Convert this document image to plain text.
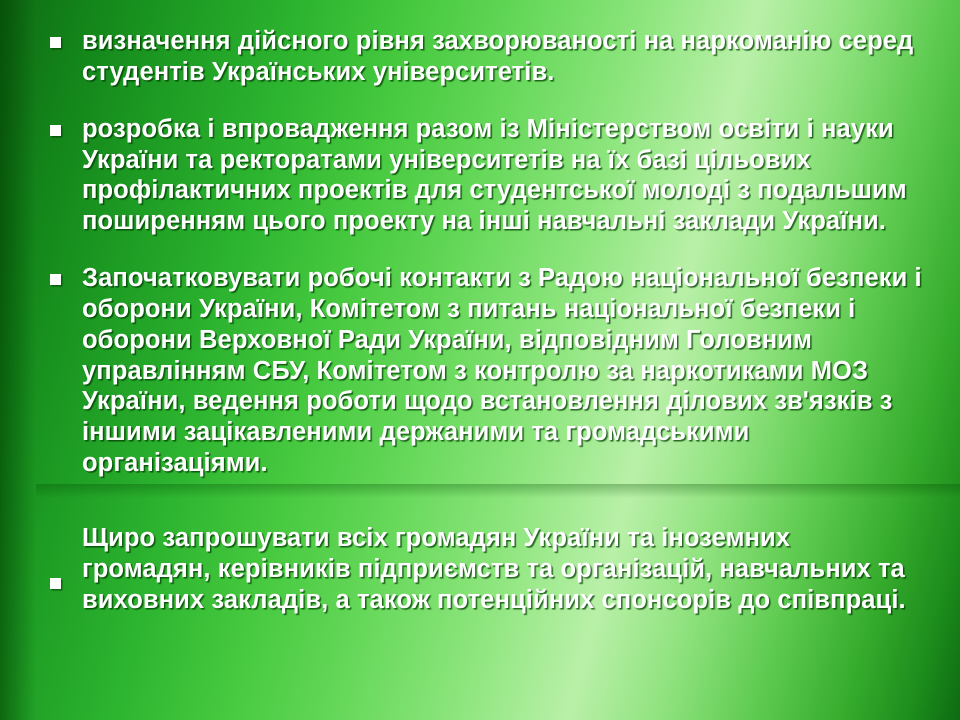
визначення дійсного рівня захворюваності на наркоманію серед студентів Українських університетів.
розробка і впровадження разом із Міністерством освіти і науки України та ректоратами університетів на їх базі цільових профілактичних проектів для студентської молоді з подальшим поширенням цього проекту на інші навчальні заклади України.
Започатковувати робочі контакти з Радою національної безпеки і оборони України, Комітетом з питань національної безпеки і оборони Верховної Ради України, відповідним Головним управлінням СБУ, Комітетом з контролю за наркотиками МОЗ України, ведення роботи щодо встановлення ділових зв'язків з іншими зацікавленими держаними та громадськими організаціями.
Щиро запрошувати всіх громадян України та іноземних громадян, керівників підприємств та організацій, навчальних та виховних закладів, а також потенційних спонсорів до співпраці.
